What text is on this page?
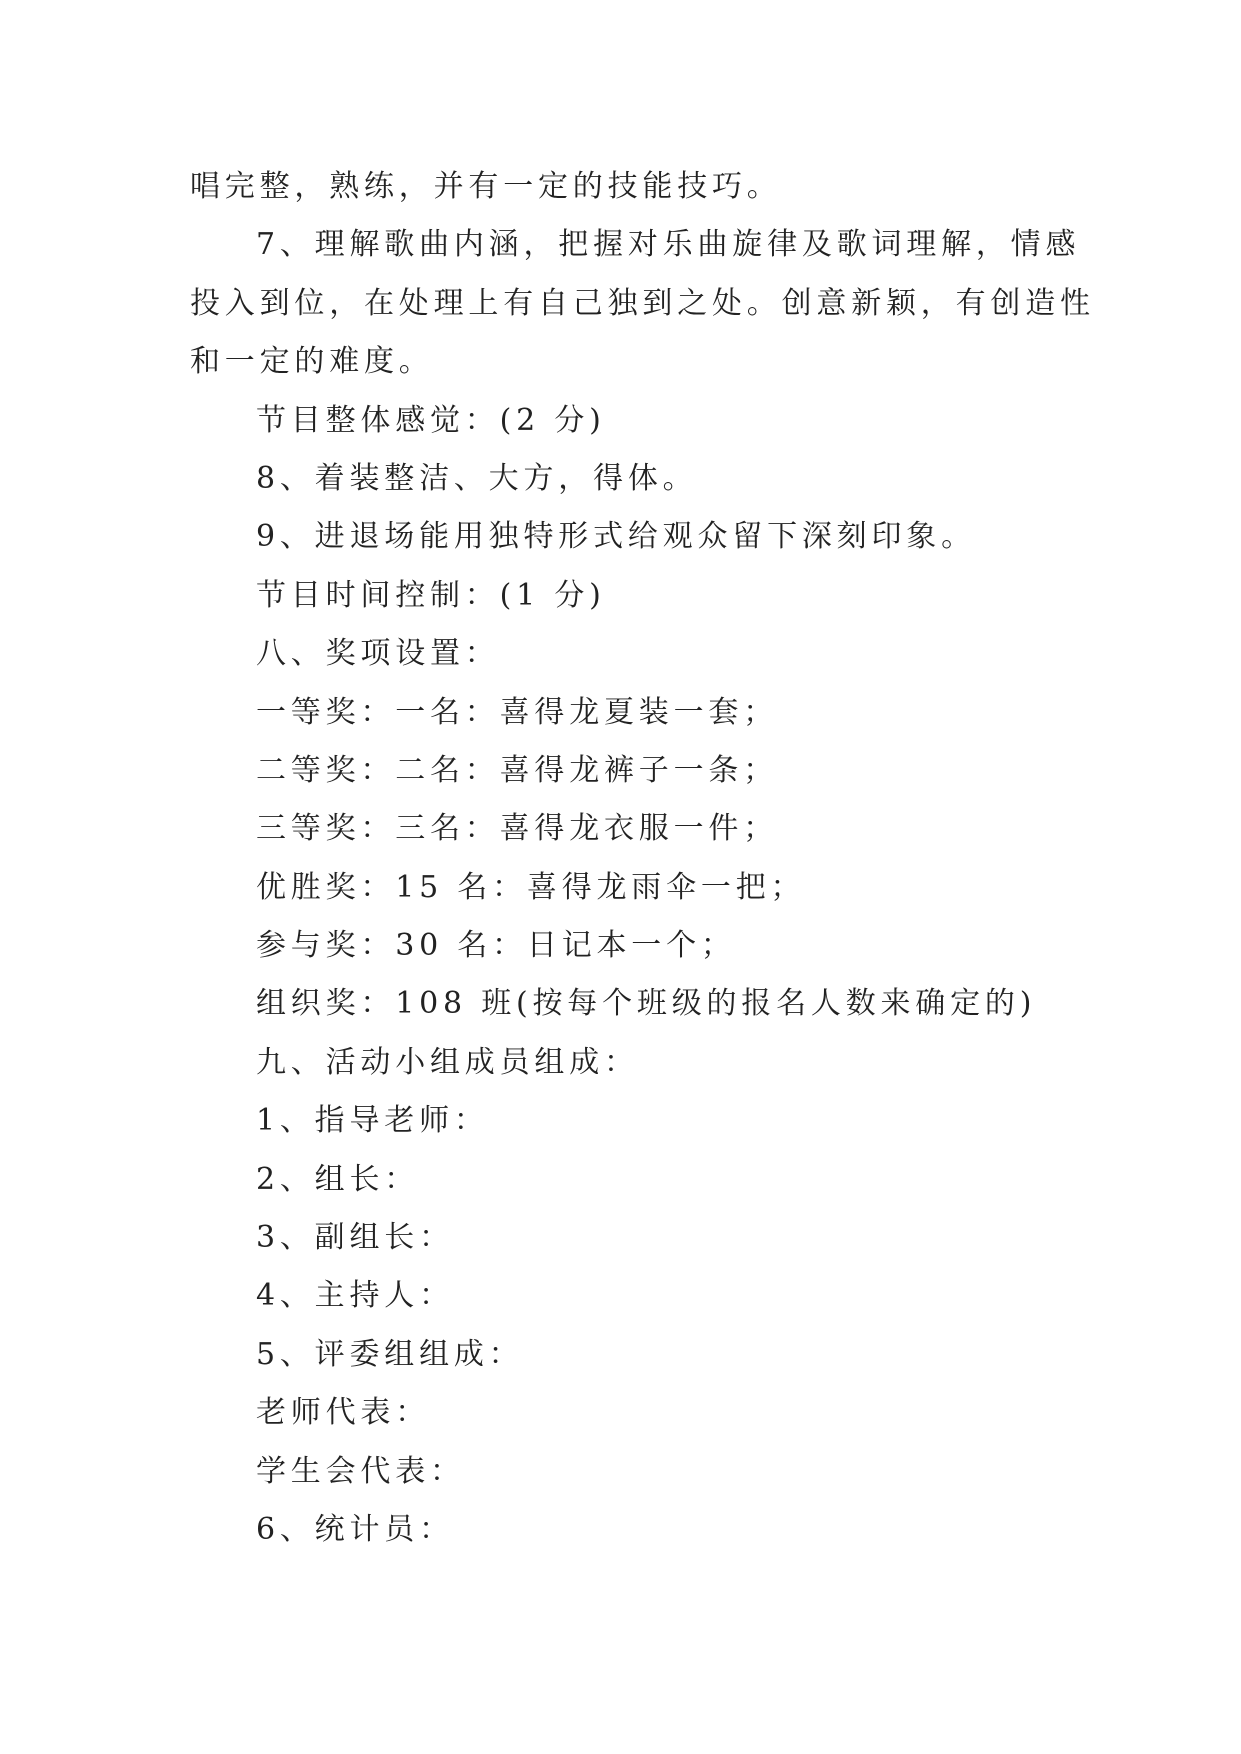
唱完整，熟练，并有一定的技能技巧。
7、理解歌曲内涵，把握对乐曲旋律及歌词理解，情感
投入到位，在处理上有自己独到之处。创意新颖，有创造性
和一定的难度。
节目整体感觉：(2 分)
8、着装整洁、大方，得体。
9、进退场能用独特形式给观众留下深刻印象。
节目时间控制：(1 分)
八、奖项设置：
一等奖：一名：喜得龙夏装一套；
二等奖：二名：喜得龙裤子一条；
三等奖：三名：喜得龙衣服一件；
优胜奖：15 名：喜得龙雨伞一把；
参与奖：30 名：日记本一个；
组织奖：108 班(按每个班级的报名人数来确定的)
九、活动小组成员组成：
1、指导老师：
2、组长：
3、副组长：
4、主持人：
5、评委组组成：
老师代表：
学生会代表：
6、统计员：
